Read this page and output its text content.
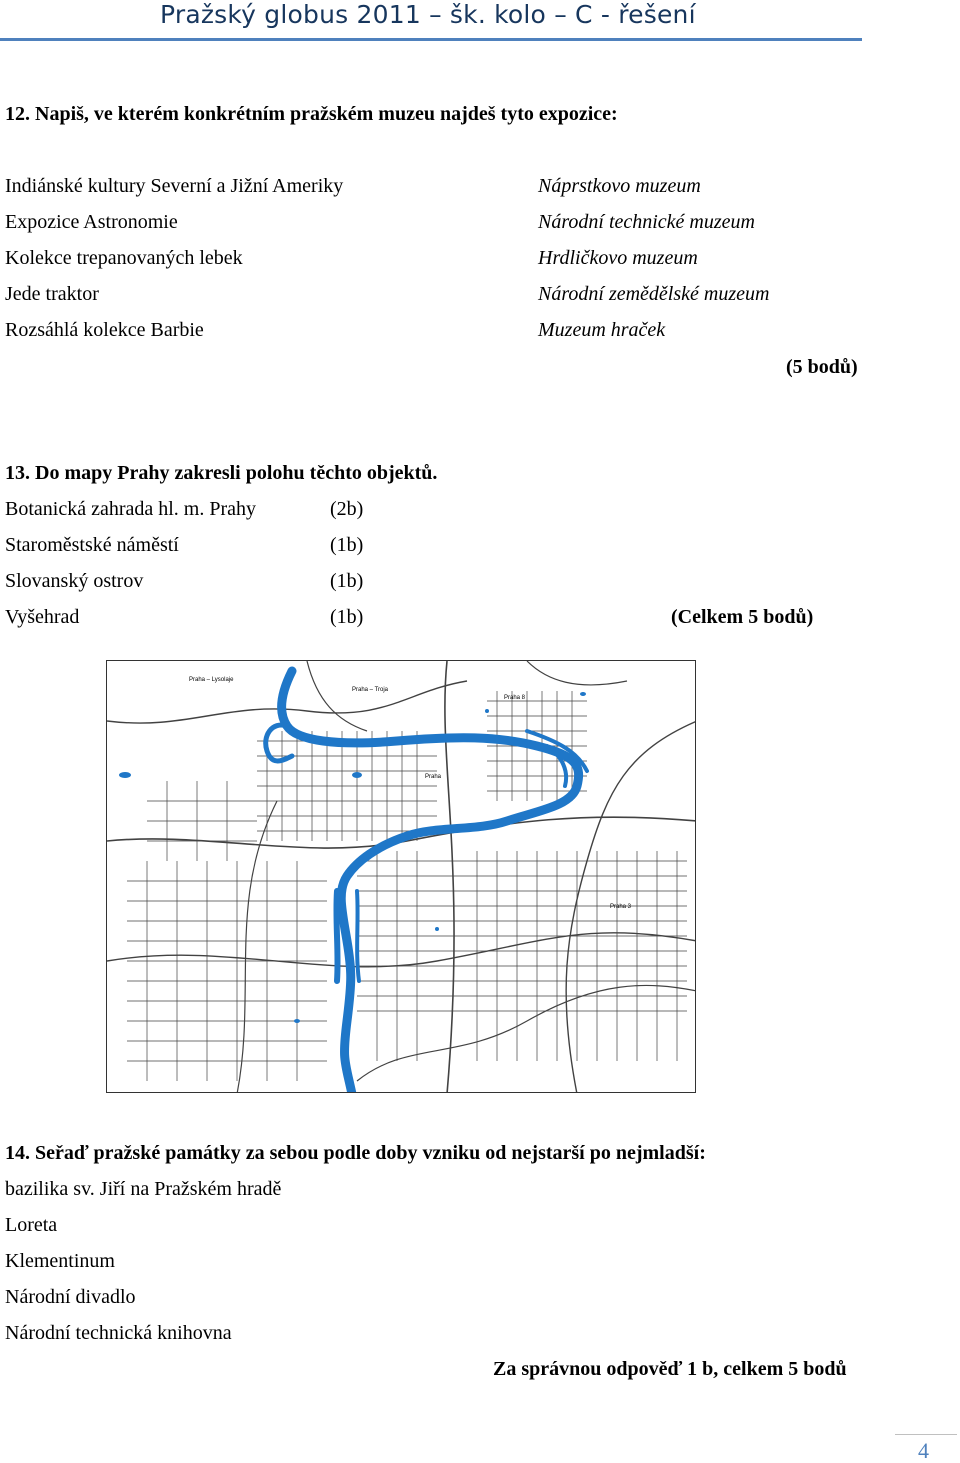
Pražský globus 2011 – šk. kolo – C - řešení
12. Napiš, ve kterém konkrétním pražském muzeu najdeš tyto expozice:
Indiánské kultury Severní a Jižní Ameriky	Náprstkovo muzeum
Expozice Astronomie	Národní technické muzeum
Kolekce trepanovaných lebek	Hrdličkovo muzeum
Jede traktor	Národní zemědělské muzeum
Rozsáhlá kolekce Barbie	Muzeum hraček
(5 bodů)
13. Do mapy Prahy zakresli polohu těchto objektů.
Botanická zahrada hl. m. Prahy	(2b)
Staroměstské náměstí	(1b)
Slovanský ostrov	(1b)
Vyšehrad	(1b)	(Celkem 5 bodů)
Praha – Lysolaje
Praha – Troja
Praha 8
Praha
Praha 3
14. Seřaď pražské památky za sebou podle doby vzniku od nejstarší po nejmladší:
bazilika sv. Jiří na Pražském hradě
Loreta
Klementinum
Národní divadlo
Národní technická knihovna
Za správnou odpověď 1 b, celkem 5 bodů
4
